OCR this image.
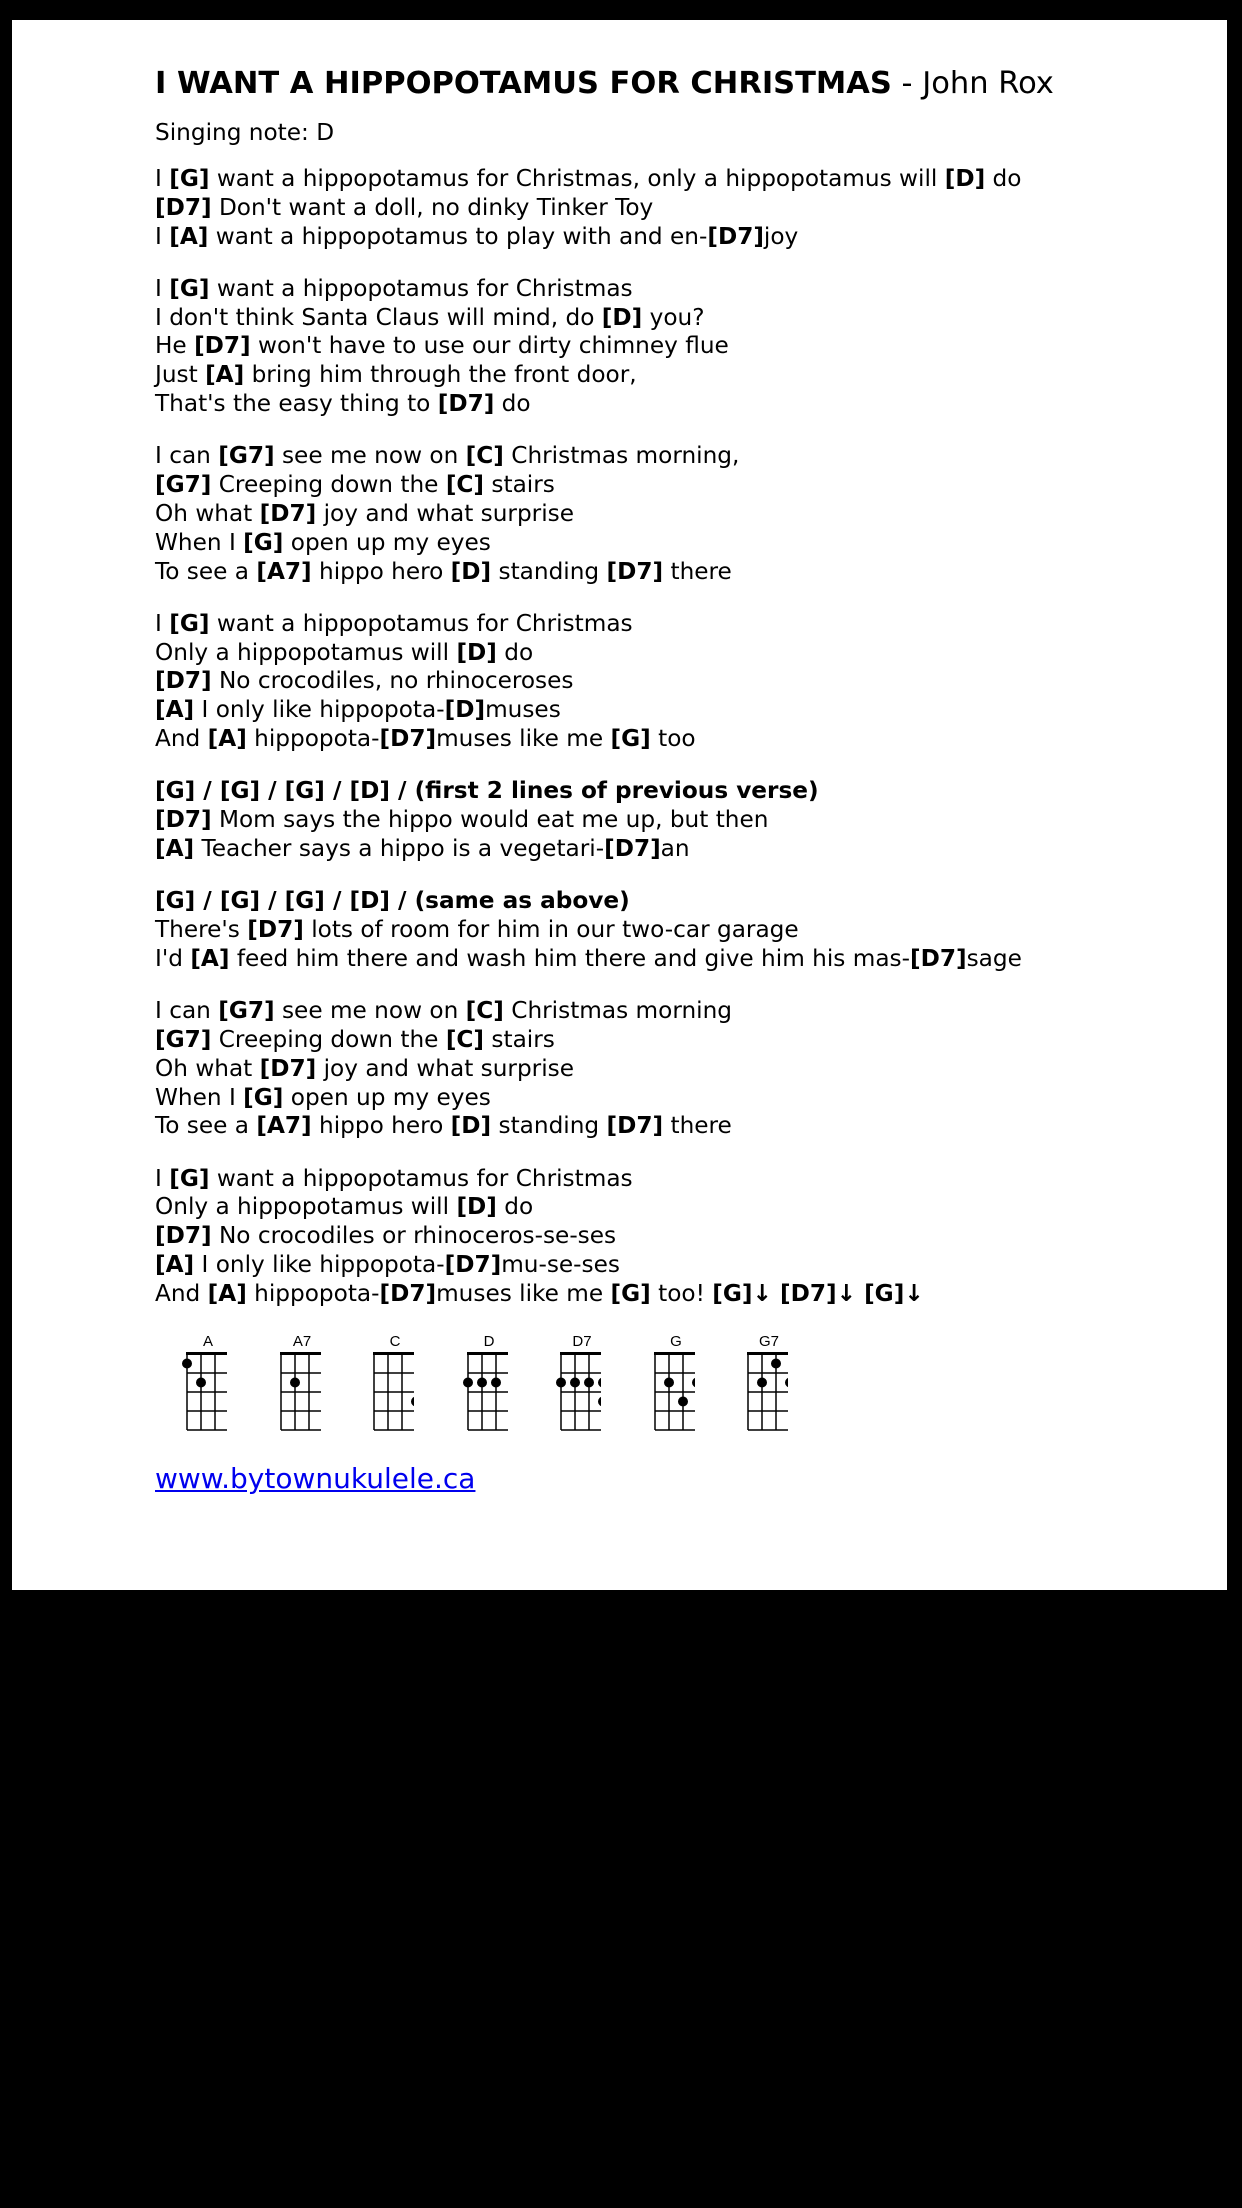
I WANT A HIPPOPOTAMUS FOR CHRISTMAS - John Rox
Singing note: D
I [G] want a hippopotamus for Christmas, only a hippopotamus will [D] do
[D7] Don't want a doll, no dinky Tinker Toy
I [A] want a hippopotamus to play with and en-[D7]joy
I [G] want a hippopotamus for Christmas
I don't think Santa Claus will mind, do [D] you?
He [D7] won't have to use our dirty chimney flue
Just [A] bring him through the front door,
That's the easy thing to [D7] do
I can [G7] see me now on [C] Christmas morning,
[G7] Creeping down the [C] stairs
Oh what [D7] joy and what surprise
When I [G] open up my eyes
To see a [A7] hippo hero [D] standing [D7] there
I [G] want a hippopotamus for Christmas
Only a hippopotamus will [D] do
[D7] No crocodiles, no rhinoceroses
[A] I only like hippopota-[D]muses
And [A] hippopota-[D7]muses like me [G] too
[G] / [G] / [G] / [D] / (first 2 lines of previous verse)
[D7] Mom says the hippo would eat me up, but then
[A] Teacher says a hippo is a vegetari-[D7]an
[G] / [G] / [G] / [D] / (same as above)
There's [D7] lots of room for him in our two-car garage
I'd [A] feed him there and wash him there and give him his mas-[D7]sage
I can [G7] see me now on [C] Christmas morning
[G7] Creeping down the [C] stairs
Oh what [D7] joy and what surprise
When I [G] open up my eyes
To see a [A7] hippo hero [D] standing [D7] there
I [G] want a hippopotamus for Christmas
Only a hippopotamus will [D] do
[D7] No crocodiles or rhinoceros-se-ses
[A] I only like hippopota-[D7]mu-se-ses
And [A] hippopota-[D7]muses like me [G] too! [G]↓ [D7]↓ [G]↓
A	A7	C	D	D7	G	G7
www.bytownukulele.ca
